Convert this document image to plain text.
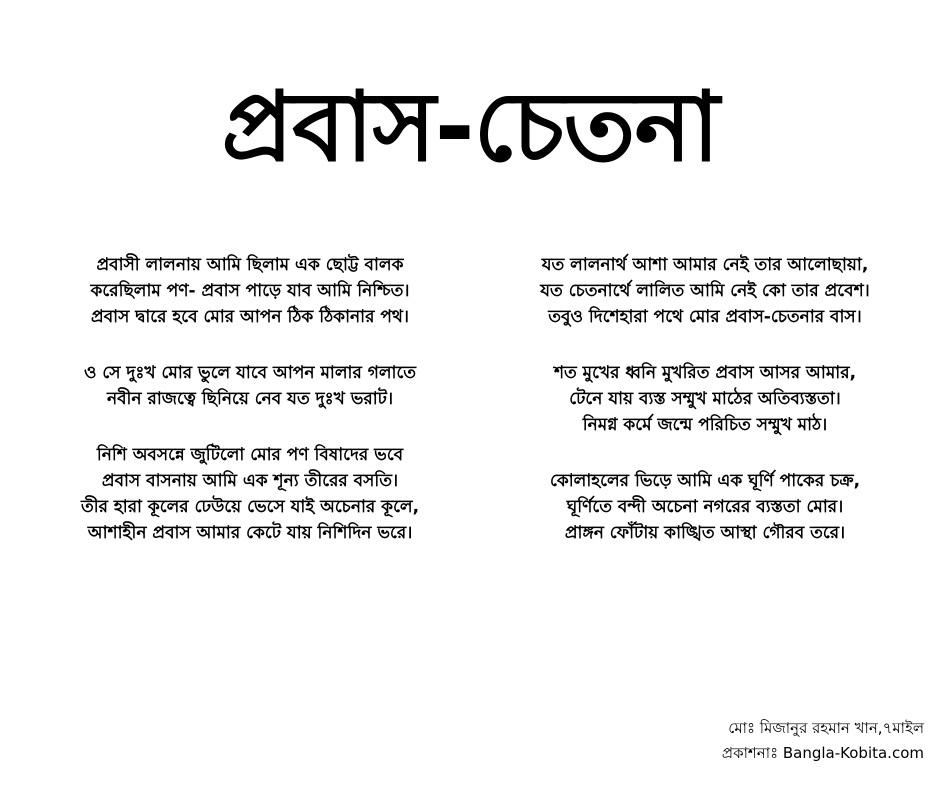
প্রবাস-চেতনা
প্রবাসী লালনায় আমি ছিলাম এক ছোট্ট বালক
করেছিলাম পণ- প্রবাস পাড়ে যাব আমি নিশ্চিত।
প্রবাস দ্বারে হবে মোর আপন ঠিক ঠিকানার পথ।
ও সে দুঃখ মোর ভুলে যাবে আপন মালার গলাতে
নবীন রাজত্বে ছিনিয়ে নেব যত দুঃখ ভরাট।
নিশি অবসন্নে জুটিলো মোর পণ বিষাদের ভবে
প্রবাস বাসনায় আমি এক শূন্য তীরের বসতি।
তীর হারা কূলের ঢেউয়ে ভেসে যাই অচেনার কূলে,
আশাহীন প্রবাস আমার কেটে যায় নিশিদিন ভরে।
যত লালনার্থ আশা আমার নেই তার আলোছায়া,
যত চেতনার্থে লালিত আমি নেই কো তার প্রবেশ।
তবুও দিশেহারা পথে মোর প্রবাস-চেতনার বাস।
শত মুখের ধ্বনি মুখরিত প্রবাস আসর আমার,
টেনে যায় ব্যস্ত সম্মুখ মাঠের অতিব্যস্ততা।
নিমগ্ন কর্মে জন্মে পরিচিত সম্মুখ মাঠ।
কোলাহলের ভিড়ে আমি এক ঘূর্ণি পাকের চক্র,
ঘূর্ণিতে বন্দী অচেনা নগরের ব্যস্ততা মোর।
প্রাঙ্গন ফোঁটায় কাঙ্খিত আস্থা গৌরব তরে।
মোঃ মিজানুর রহমান খান,৭মাইল
প্রকাশনাঃ Bangla-Kobita.com
